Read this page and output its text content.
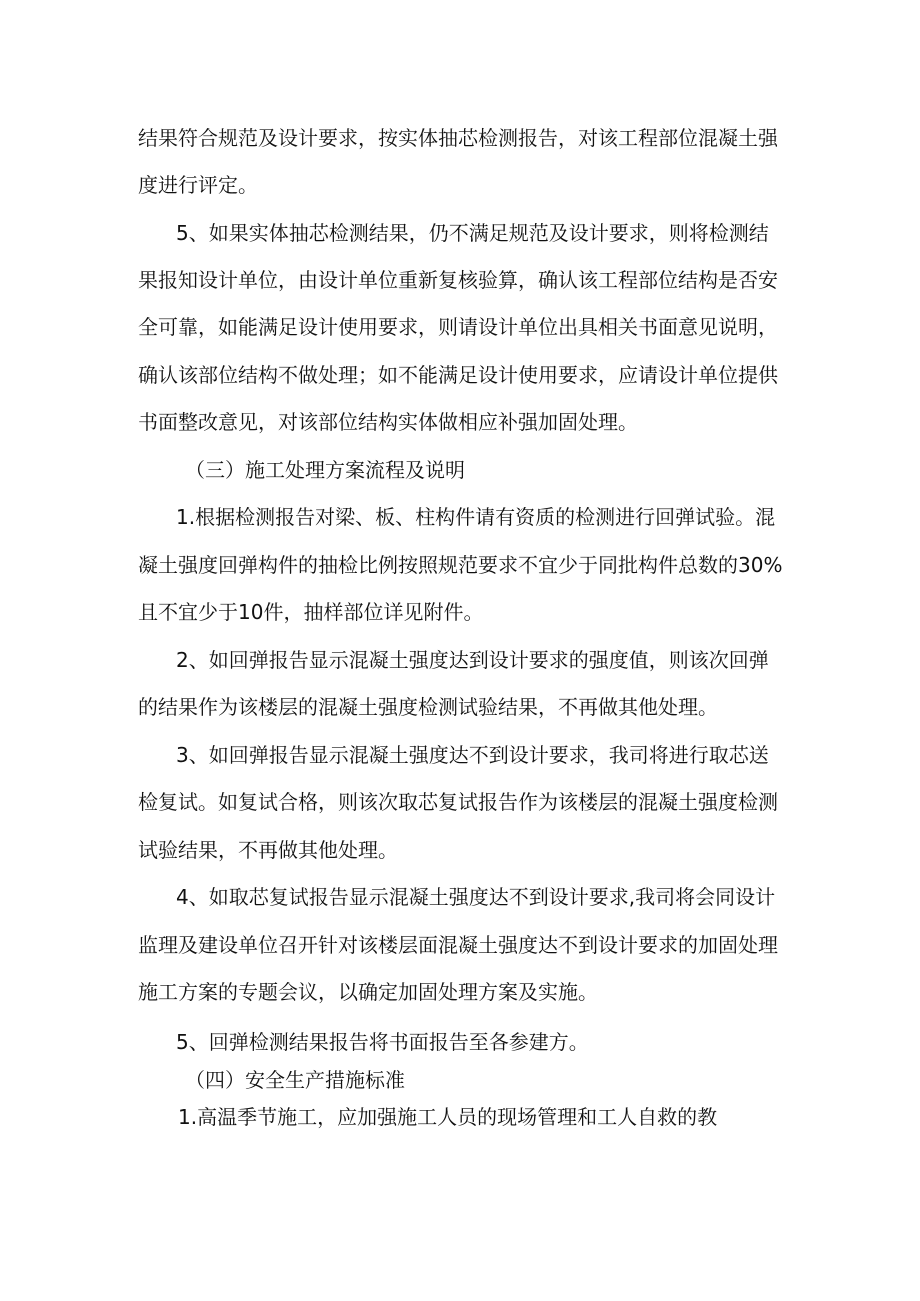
结果符合规范及设计要求，按实体抽芯检测报告，对该工程部位混凝土强
度进行评定。
5、如果实体抽芯检测结果，仍不满足规范及设计要求，则将检测结
果报知设计单位，由设计单位重新复核验算，确认该工程部位结构是否安
全可靠，如能满足设计使用要求，则请设计单位出具相关书面意见说明，
确认该部位结构不做处理；如不能满足设计使用要求，应请设计单位提供
书面整改意见，对该部位结构实体做相应补强加固处理。
（三）施工处理方案流程及说明
1.根据检测报告对梁、板、柱构件请有资质的检测进行回弹试验。混
凝土强度回弹构件的抽检比例按照规范要求不宜少于同批构件总数的30%
且不宜少于10件，抽样部位详见附件。
2、如回弹报告显示混凝土强度达到设计要求的强度值，则该次回弹
的结果作为该楼层的混凝土强度检测试验结果，不再做其他处理。
3、如回弹报告显示混凝土强度达不到设计要求，我司将进行取芯送
检复试。如复试合格，则该次取芯复试报告作为该楼层的混凝土强度检测
试验结果，不再做其他处理。
4、如取芯复试报告显示混凝土强度达不到设计要求,我司将会同设计
监理及建设单位召开针对该楼层面混凝土强度达不到设计要求的加固处理
施工方案的专题会议，以确定加固处理方案及实施。
5、回弹检测结果报告将书面报告至各参建方。
（四）安全生产措施标准
1.高温季节施工，应加强施工人员的现场管理和工人自救的教
